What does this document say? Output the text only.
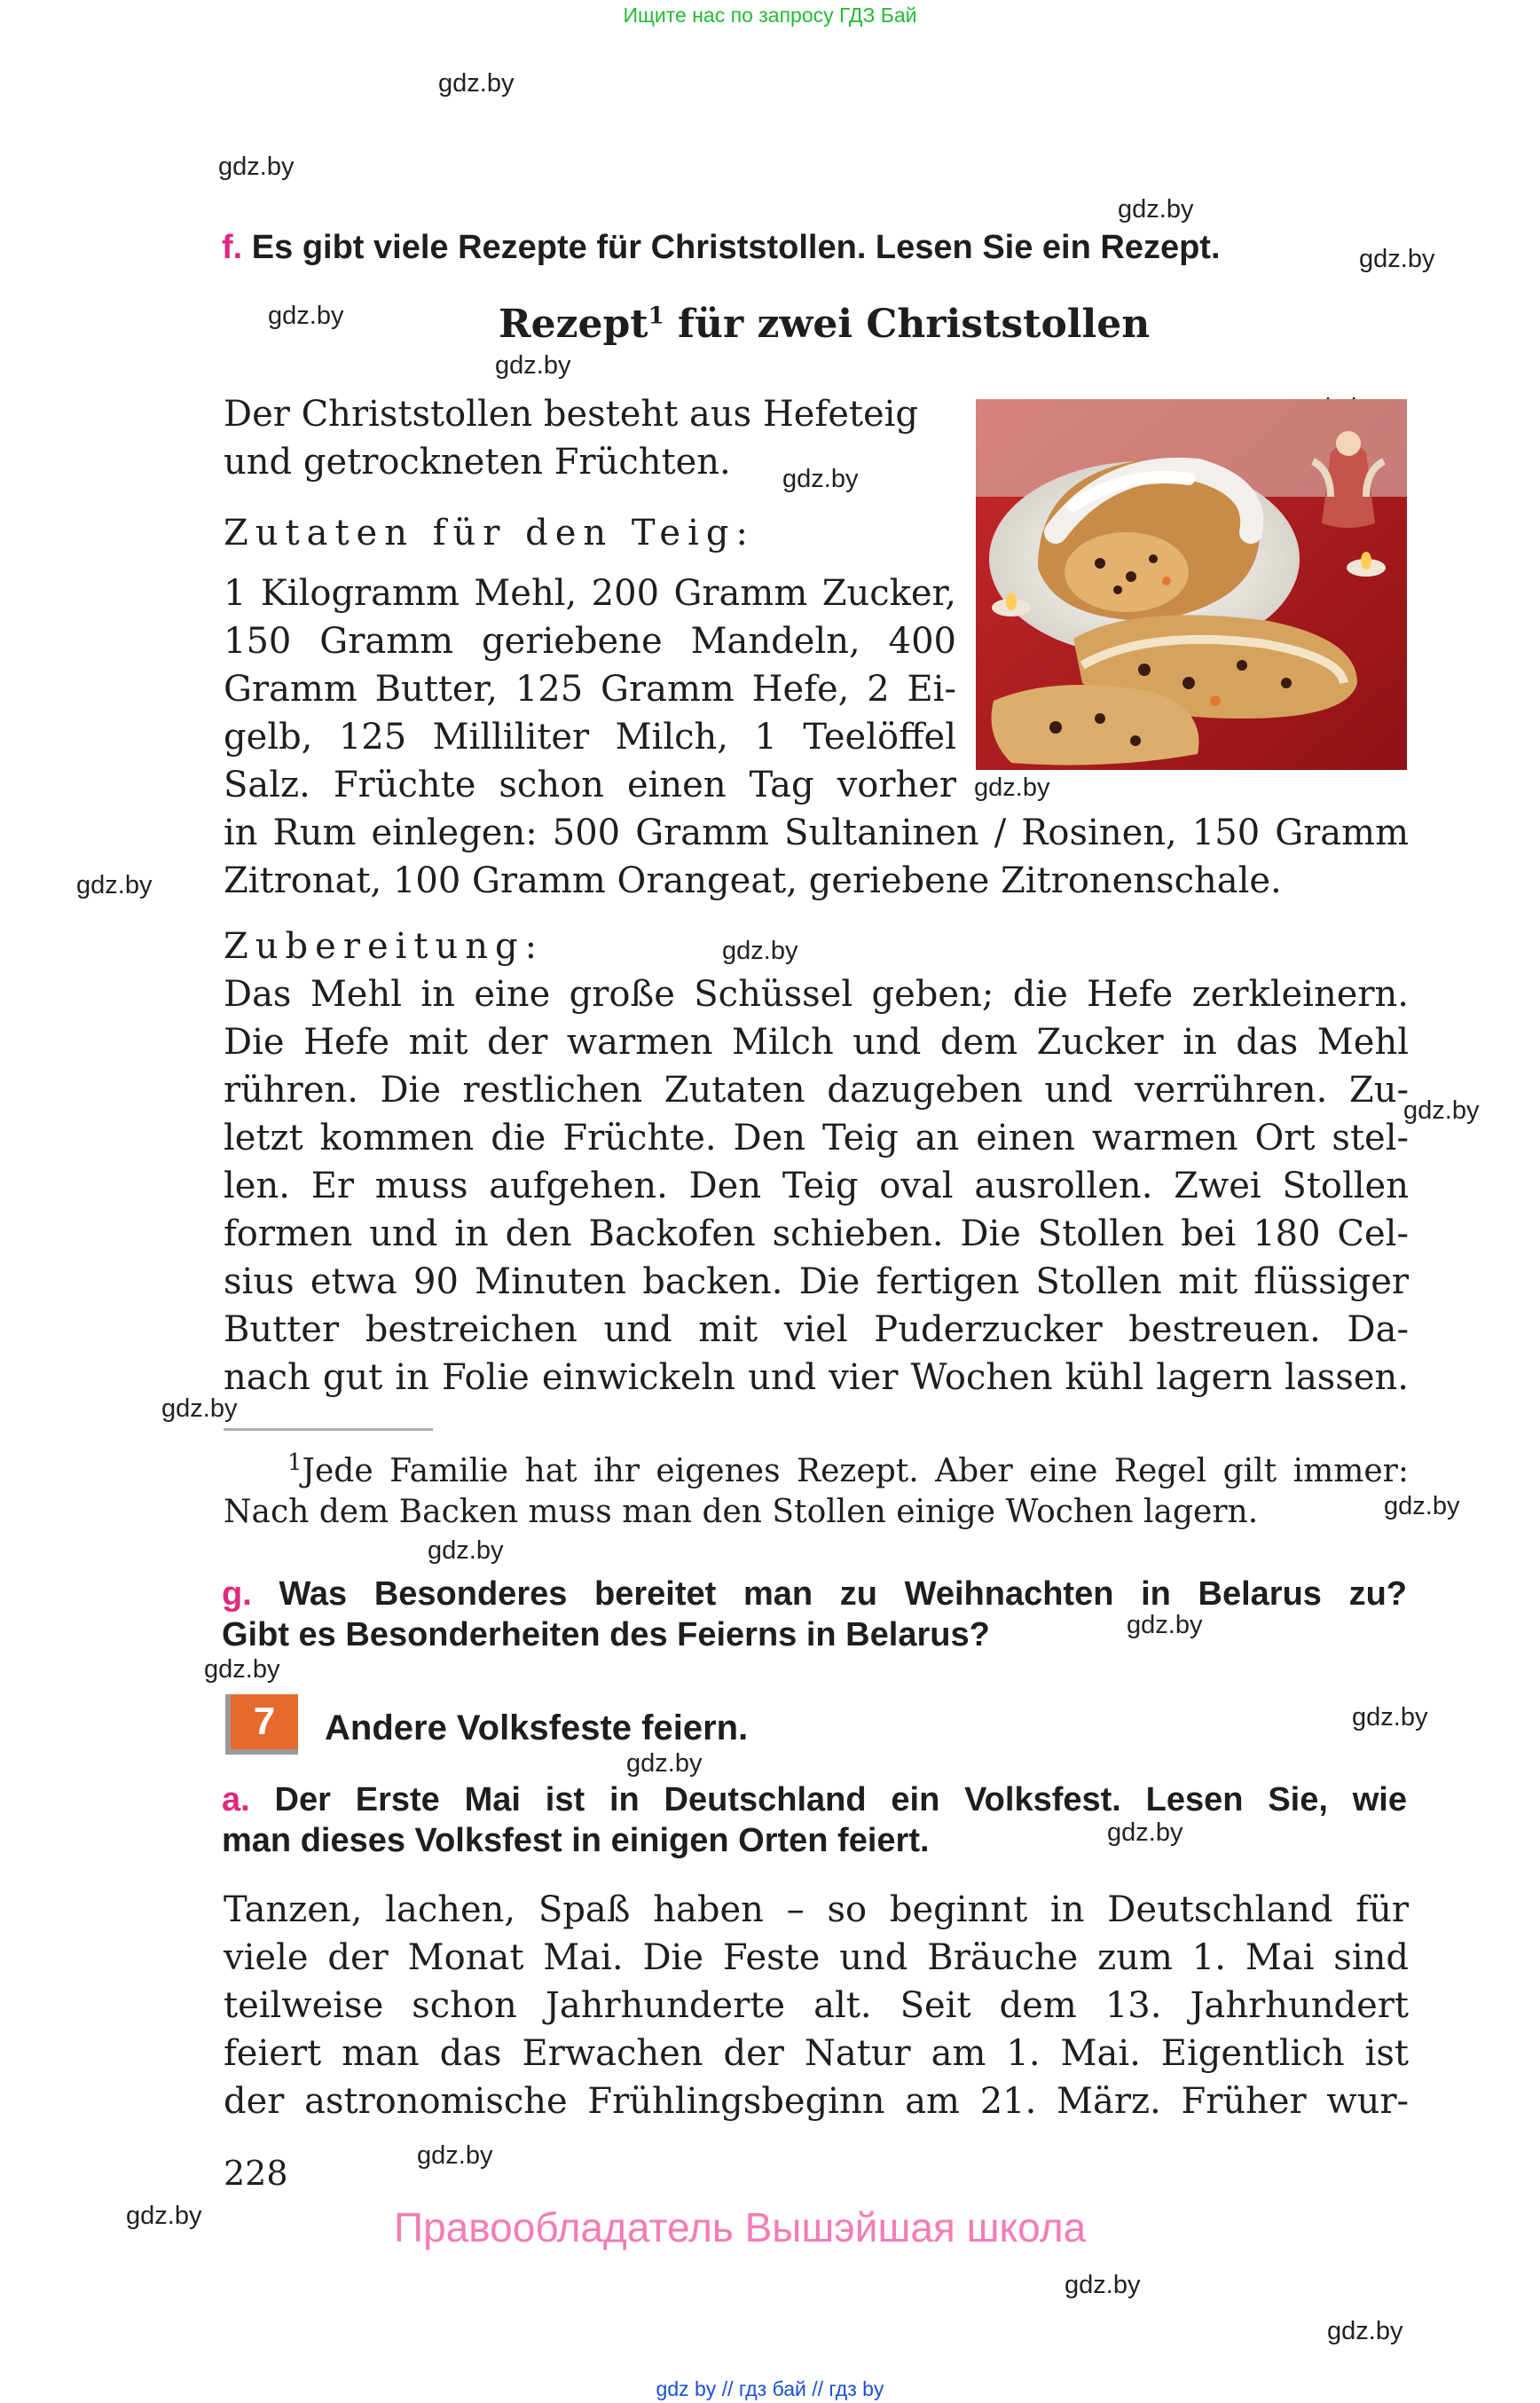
Ищите нас по запросу ГДЗ Бай
gdz.by
gdz.by
gdz.by
gdz.by
gdz.by
gdz.by
gdz.by
gdz.by
gdz.by
gdz.by
gdz.by
gdz.by
gdz.by
gdz.by
gdz.by
gdz.by
gdz.by
gdz.by
gdz.by
gdz.by
gdz.by
gdz.by
gdz.by
f. Es gibt viele Rezepte für Christstollen. Lesen Sie ein Rezept.
Rezept$^1$ für zwei Christstollen
Der Christstollen besteht aus Hefeteig
und getrockneten Früchten.
Zutaten für den Teig:
1 Kilogramm Mehl, 200 Gramm Zucker,
150 Gramm geriebene Mandeln, 400
Gramm Butter, 125 Gramm Hefe, 2 Ei-
gelb, 125 Milliliter Milch, 1 Teelöffel
Salz. Früchte schon einen Tag vorher
in Rum einlegen: 500 Gramm Sultaninen / Rosinen, 150 Gramm
Zitronat, 100 Gramm Orangeat, geriebene Zitronenschale.
Zubereitung:
Das Mehl in eine große Schüssel geben; die Hefe zerkleinern.
Die Hefe mit der warmen Milch und dem Zucker in das Mehl
rühren. Die restlichen Zutaten dazugeben und verrühren. Zu-
letzt kommen die Früchte. Den Teig an einen warmen Ort stel-
len. Er muss aufgehen. Den Teig oval ausrollen. Zwei Stollen
formen und in den Backofen schieben. Die Stollen bei 180 Cel-
sius etwa 90 Minuten backen. Die fertigen Stollen mit flüssiger
Butter bestreichen und mit viel Puderzucker bestreuen. Da-
nach gut in Folie einwickeln und vier Wochen kühl lagern lassen.
$^1$Jede Familie hat ihr eigenes Rezept. Aber eine Regel gilt immer:
Nach dem Backen muss man den Stollen einige Wochen lagern.
g. Was Besonderes bereitet man zu Weihnachten in Belarus zu?
Gibt es Besonderheiten des Feierns in Belarus?
7	Andere Volksfeste feiern.
a. Der Erste Mai ist in Deutschland ein Volksfest. Lesen Sie, wie
man dieses Volksfest in einigen Orten feiert.
Tanzen, lachen, Spaß haben – so beginnt in Deutschland für
viele der Monat Mai. Die Feste und Bräuche zum 1. Mai sind
teilweise schon Jahrhunderte alt. Seit dem 13. Jahrhundert
feiert man das Erwachen der Natur am 1. Mai. Eigentlich ist
der astronomische Frühlingsbeginn am 21. März. Früher wur-
228
Правообладатель Вышэйшая школа
gdz by // гдз бай // гдз by
